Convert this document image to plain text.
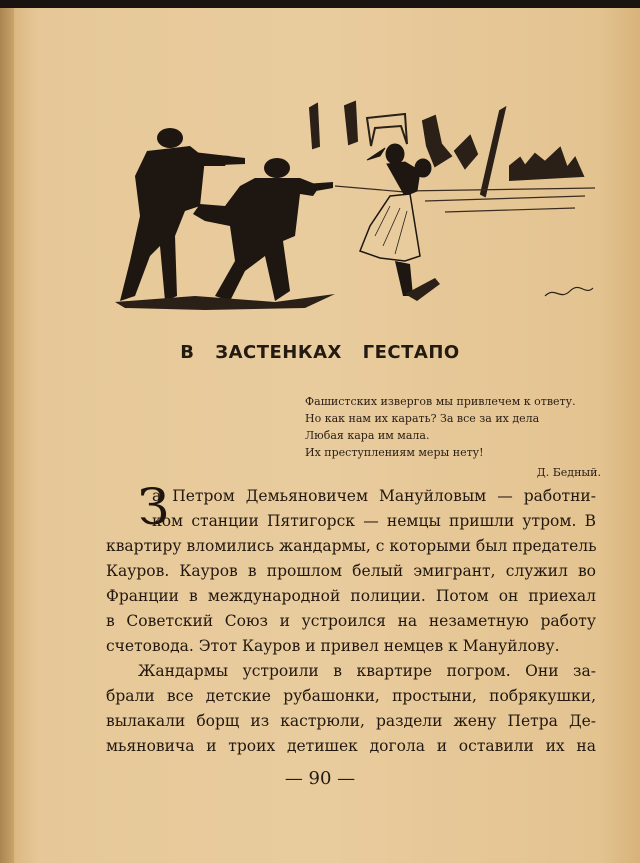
В ЗАСТЕНКАХ ГЕСТАПО
Фашистских извергов мы привлечем к ответу.
Но как нам их карать? За все за их дела
Любая кара им мала.
Их преступлениям меры нету!
Д. Бедный.
З
а Петром Демьяновичем Мануйловым — работни-
ком станции Пятигорск — немцы пришли утром. В
квартиру вломились жандармы, с которыми был предатель
Кауров. Кауров в прошлом белый эмигрант, служил во
Франции в международной полиции. Потом он приехал
в Советский Союз и устроился на незаметную работу
счетовода. Этот Кауров и привел немцев к Мануйлову.
Жандармы устроили в квартире погром. Они за-
брали все детские рубашонки, простыни, побрякушки,
вылакали борщ из кастрюли, раздели жену Петра Де-
мьяновича и троих детишек догола и оставили их на
— 90 —
